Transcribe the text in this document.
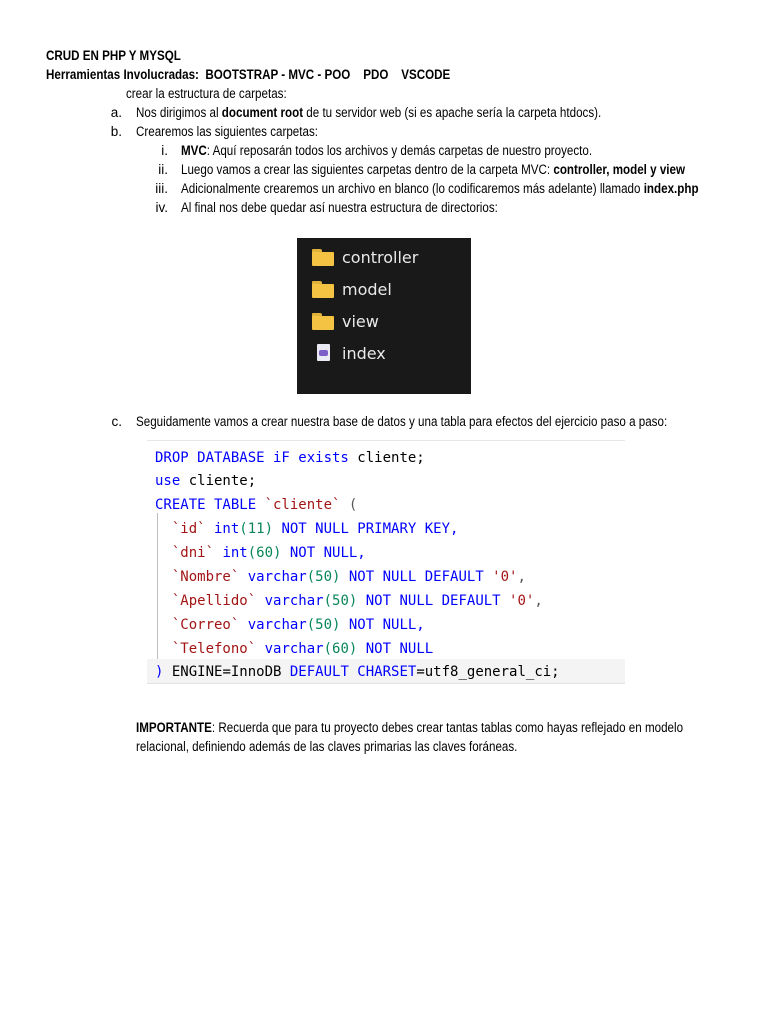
CRUD EN PHP Y MYSQL
Herramientas Involucradas: BOOTSTRAP - MVC - POO    PDO    VSCODE
crear la estructura de carpetas:
a. Nos dirigimos al document root de tu servidor web (si es apache sería la carpeta htdocs).
b. Crearemos las siguientes carpetas:
i. MVC: Aquí reposarán todos los archivos y demás carpetas de nuestro proyecto.
ii. Luego vamos a crear las siguientes carpetas dentro de la carpeta MVC: controller, model y view
iii. Adicionalmente crearemos un archivo en blanco (lo codificaremos más adelante) llamado index.php
iv. Al final nos debe quedar así nuestra estructura de directorios:
controller
model
view
index
c. Seguidamente vamos a crear nuestra base de datos y una tabla para efectos del ejercicio paso a paso:
DROP DATABASE iF exists cliente;
use cliente;
CREATE TABLE `cliente` (
`id` int(11) NOT NULL PRIMARY KEY,
`dni` int(60) NOT NULL,
`Nombre` varchar(50) NOT NULL DEFAULT '0',
`Apellido` varchar(50) NOT NULL DEFAULT '0',
`Correo` varchar(50) NOT NULL,
`Telefono` varchar(60) NOT NULL
) ENGINE=InnoDB DEFAULT CHARSET=utf8_general_ci;
IMPORTANTE: Recuerda que para tu proyecto debes crear tantas tablas como hayas reflejado en modelo
relacional, definiendo además de las claves primarias las claves foráneas.
